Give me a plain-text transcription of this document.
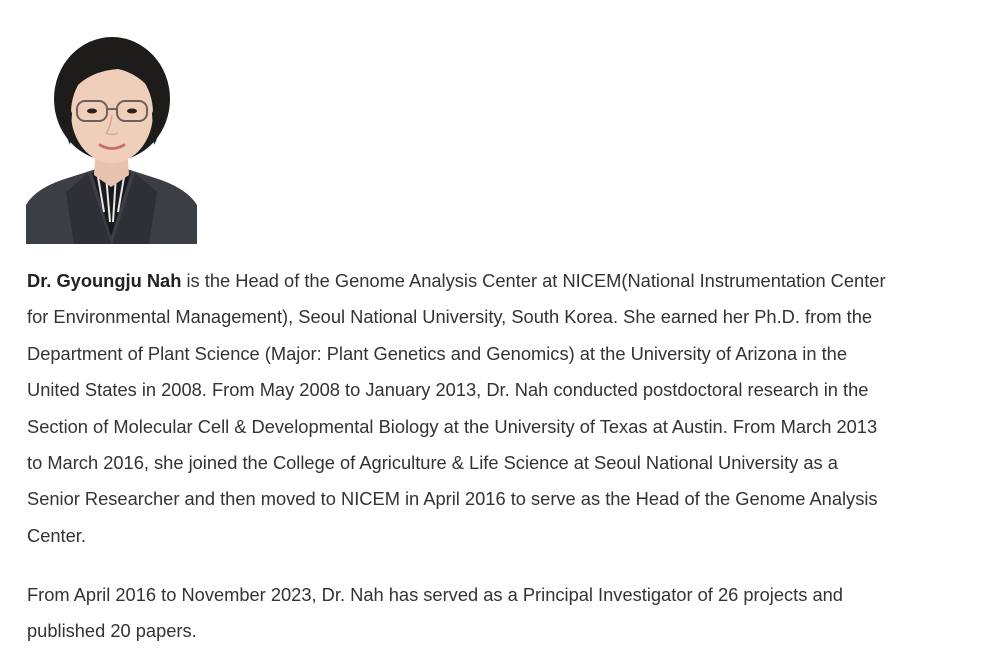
Dr. Gyoungju Nah is the Head of the Genome Analysis Center at NICEM(National Instrumentation Center
for Environmental Management), Seoul National University, South Korea. She earned her Ph.D. from the
Department of Plant Science (Major: Plant Genetics and Genomics) at the University of Arizona in the
United States in 2008. From May 2008 to January 2013, Dr. Nah conducted postdoctoral research in the
Section of Molecular Cell & Developmental Biology at the University of Texas at Austin. From March 2013
to March 2016, she joined the College of Agriculture & Life Science at Seoul National University as a
Senior Researcher and then moved to NICEM in April 2016 to serve as the Head of the Genome Analysis
Center.

From April 2016 to November 2023, Dr. Nah has served as a Principal Investigator of 26 projects and
published 20 papers.
